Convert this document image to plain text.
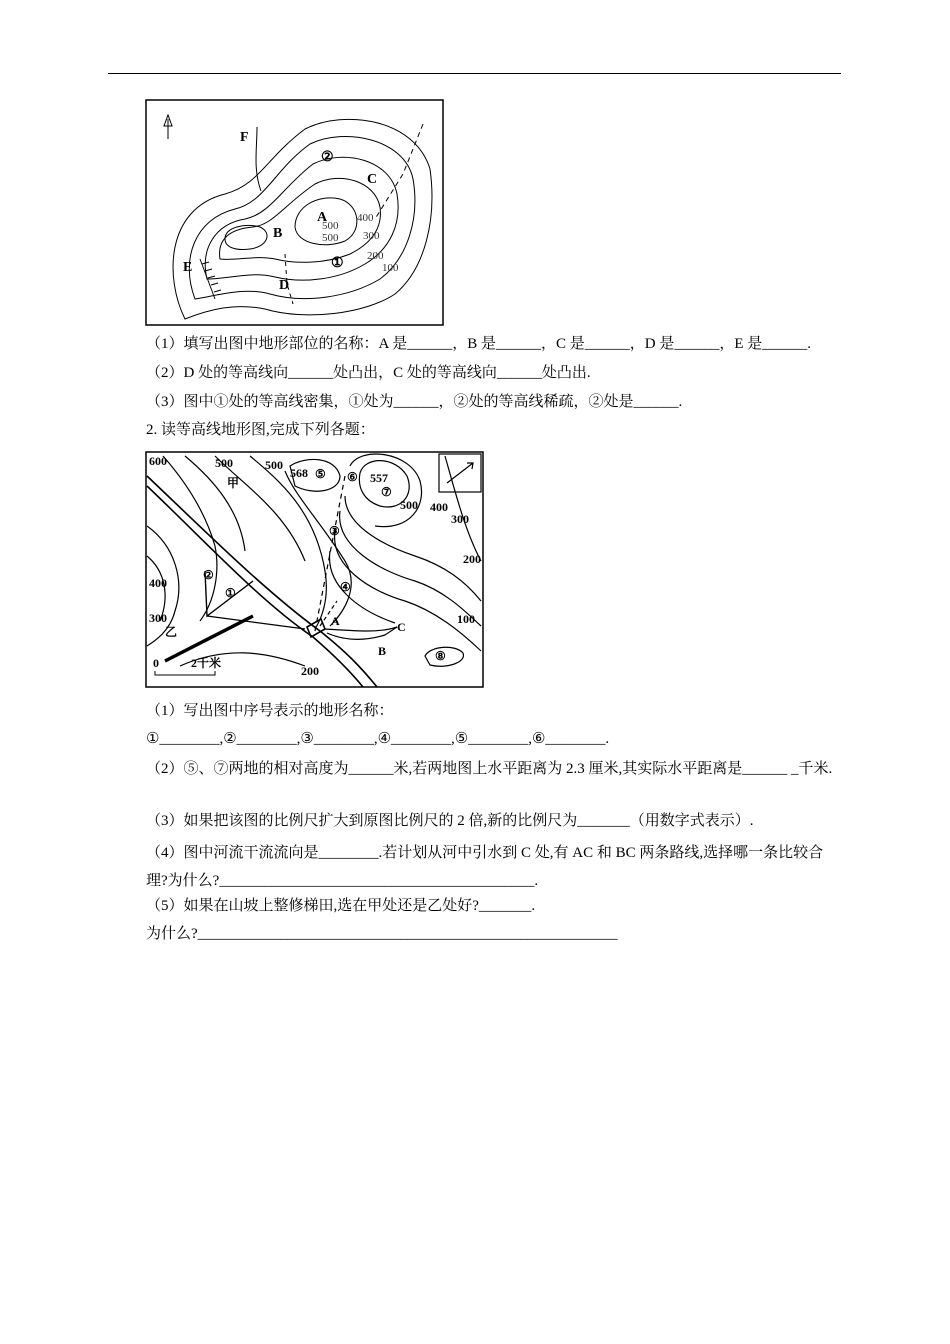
F
②
C
A
B
①
E
D
500
500
400
300
200
100
（1）填写出图中地形部位的名称：A 是______，B 是______，C 是______，D 是______，E 是______.
（2）D 处的等高线向______处凸出，C 处的等高线向______处凸出.
（3）图中①处的等高线密集，①处为______，②处的等高线稀疏，②处是______.
2. 读等高线地形图,完成下列各题：
600	500	500
568 ⑤ ⑥ 557
⑦
500 400
300
200
甲
③
②
①	④
400
300
乙
A	C
B
100
⑧
200
0	2千米
（1）写出图中序号表示的地形名称：
①________,②________,③________,④________,⑤________,⑥________.
（2）⑤、⑦两地的相对高度为______米,若两地图上水平距离为 2.3 厘米,其实际水平距离是______ _千米.
（3）如果把该图的比例尺扩大到原图比例尺的 2 倍,新的比例尺为_______（用数字式表示）.
（4）图中河流干流流向是________.若计划从河中引水到 C 处,有 AC 和 BC 两条路线,选择哪一条比较合理?为什么?__________________________________________.
（5）如果在山坡上整修梯田,选在甲处还是乙处好?_______.
为什么?________________________________________________________
